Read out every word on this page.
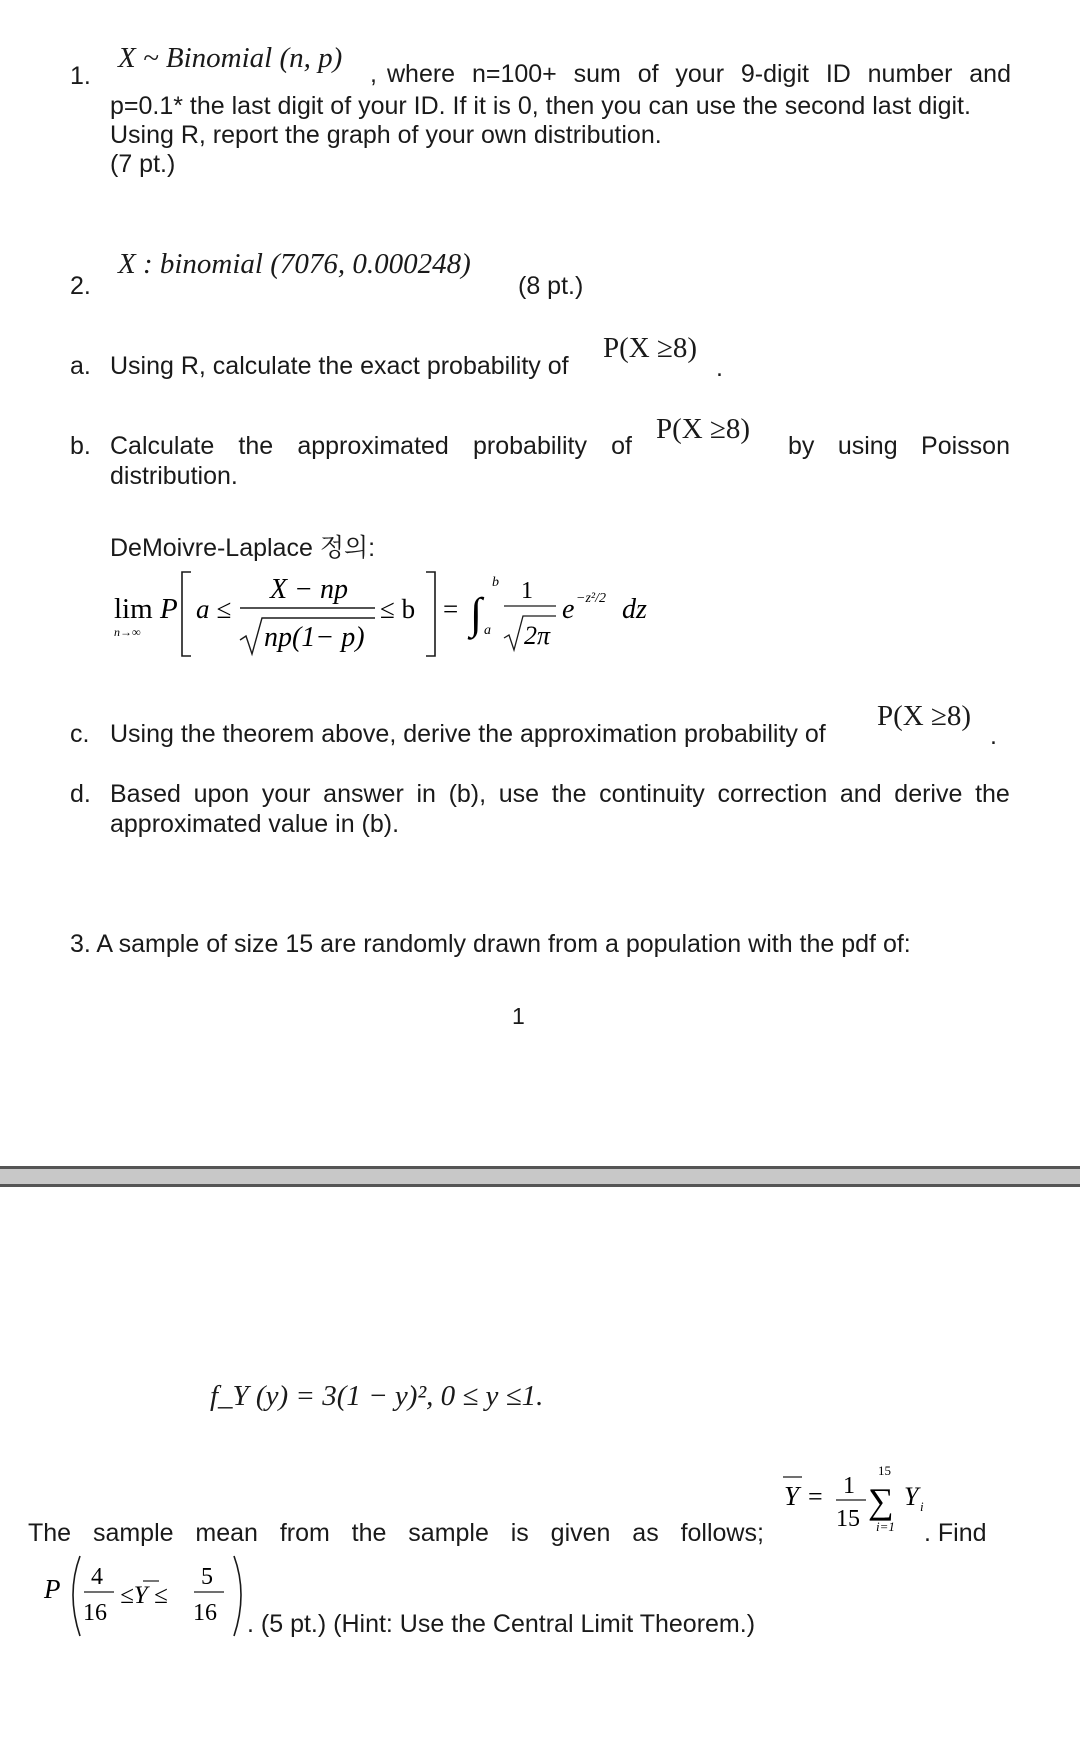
1.
X ~ Binomial (n, p) , where n=100+ sum of your 9-digit ID number and
p=0.1* the last digit of your ID. If it is 0, then you can use the second last digit.
Using R, report the graph of your own distribution.
(7 pt.)
2.
X : binomial (7076, 0.000248)
(8 pt.)
a. Using R, calculate the exact probability of
P(X ≥8)
.
b. Calculate the approximated probability of
P(X ≥8)
by using Poisson
distribution.
DeMoivre-Laplace 정의:
lim
n→∞
P a ≤
X − np
np(1− p)
≤ b = ∫
b
a
1
2π
e −z²/2 dz
c. Using the theorem above, derive the approximation probability of
P(X ≥8)
.
d. Based upon your answer in (b), use the continuity correction and derive the
approximated value in (b).
3. A sample of size 15 are randomly drawn from a population with the pdf of:
1
f_Y (y) = 3(1 − y)², 0 ≤ y ≤1.
The sample mean from the sample is given as follows;
Y = 1
15
15
∑
i=1
Y i
. Find
P 4
16
≤Y ≤
5
16 . (5 pt.) (Hint: Use the Central Limit Theorem.)
